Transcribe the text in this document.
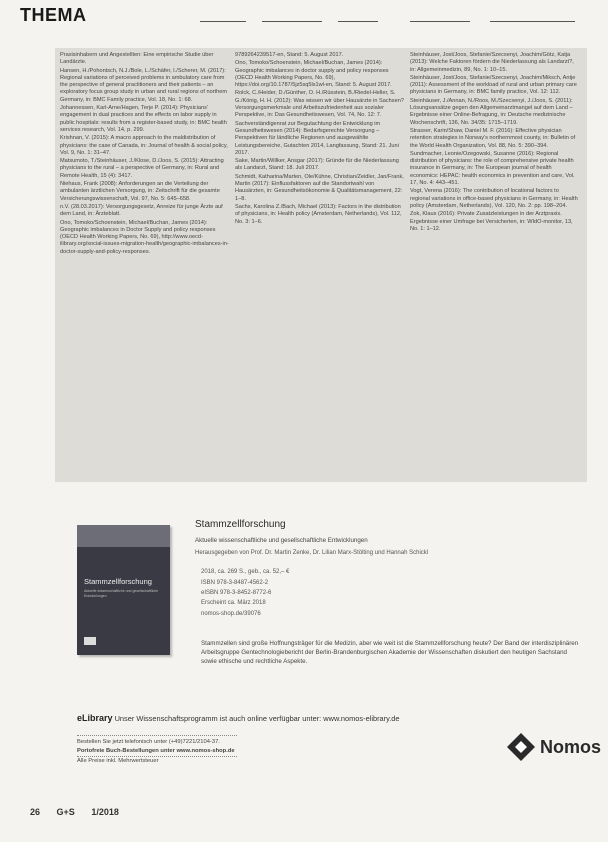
THEMA
Praxisinhabern und Angestellten: Eine empirische Studie über Landärzte.
Hansen, H./Pohontsch, N.J./Bole, L./Schäfer, I./Scherer, M. (2017): Regional variations of perceived problems in ambulatory care from the perspective of general practitioners and their patients – an exploratory focus group study in urban and rural regions of northern Germany, in: BMC Family practice, Vol. 18, No. 1: 68.
Johannessen, Karl-Arne/Hagen, Terje P. (2014): Physicians' engagement in dual practices and the effects on labor supply in public hospitals: results from a register-based study, in: BMC health services research, Vol. 14, p. 299.
Krishnan, V. (2015): A macro approach to the maldistribution of physicians: the case of Canada, in: Journal of health & social policy, Vol. 9, No. 1: 31–47.
Matsumoto, T./Steinhäuser, J./Klose, D./Joos, S. (2015): Attracting physicians to the rural – a perspective of Germany, in: Rural and Remote Health, 15 (4): 3417.
Niehaus, Frank (2008): Anforderungen an die Verteilung der ambulanten ärztlichen Versorgung, in: Zeitschrift für die gesamte Versicherungswissenschaft, Vol. 97, No. 5: 645–658.
n.V. (28.03.2017): Versorgungsgesetz, Anreize für junge Ärzte auf dem Land, in: Ärzteblatt.
Ono, Tomoko/Schoenstein, Michael/Buchan, James (2014): Geographic imbalances in Doctor Supply and policy responses (OECD Health Working Papers, No. 69), http://www.oecd-ilibrary.org/social-issues-migration-health/geographic-imbalances-in-doctor-supply-and-policy-responses.
9789264239517-en, Stand: 5. August 2017.
Ono, Tomoko/Schoenstein, Michael/Buchan, James (2014): Geographic imbalances in doctor supply and policy responses (OECD Health Working Papers, No. 69), https://doi.org/10.1787/5jz5sq5ls1wl-en, Stand: 5. August 2017.
Rolck, C./Heider, D./Günther, O. H./Rüsstein, B./Riedel-Heller, S. G./König, H. H. (2012): Was wissen wir über Hausärzte in Sachsen? Versorgungsmerkmale und Arbeitszufriedenheit aus sozialer Perspektive, in: Das Gesundheitswesen, Vol. 74, No. 12: 7.
Sachverständigenrat zur Begutachtung der Entwicklung im Gesundheitswesen (2014): Bedarfsgerechte Versorgung – Perspektiven für ländliche Regionen und ausgewählte Leistungsbereiche, Gutachten 2014, Langfassung, Stand: 21. Juni 2017.
Sake, Martin/Willker, Ansgar (2017): Gründe für die Niederlassung als Landarzt, Stand: 18. Juli 2017.
Schmidt, Katharina/Marten, Ole/Kühne, Christian/Zeidler, Jan/Frank, Martin (2017): Einflussfaktoren auf die Standortwahl von Hausärzten, in: Gesundheitsökonomie & Qualitätsmanagement, 22: 1–8.
Sachs, Karolina Z./Bach, Michael (2013): Factors in the distribution of physicians, in: Health policy (Amsterdam, Netherlands), Vol. 112, No. 3: 1–6.
Steinhäuser, Jost/Joos, Stefanie/Szecsenyi, Joachim/Götz, Katja (2013): Welche Faktoren fördern die Niederlassung als Landarzt?, in: Allgemeinmedizin, 89, No. 1: 10–15.
Steinhäuser, Jost/Joos, Stefanie/Szecsenyi, Joachim/Miksch, Antje (2011): Assessment of the workload of rural and urban primary care physicians in Germany, in: BMC family practice, Vol. 12: 112.
Steinhäuser, J./Annan, N./Roos, M./Szecsenyi, J./Joos, S. (2011): Lösungsansätze gegen den Allgemeinarztmangel auf dem Land – Ergebnisse einer Online-Befragung, in: Deutsche medizinische Wochenschrift, 136, No. 34/35: 1715–1719.
Strasser, Karin/Shaw, Daniel M. F. (2016): Effective physician retention strategies in Norway's northernmost county, in: Bulletin of the World Health Organization, Vol. 88, No. 5: 390–394.
Sundmacher, Leonie/Ozegowski, Susanne (2016): Regional distribution of physicians: the role of comprehensive private health insurance in Germany, in: The European journal of health economics: HEPAC: health economics in prevention and care, Vol. 17, No. 4: 443–451.
Vogt, Verena (2016): The contribution of locational factors to regional variations in office-based physicians in Germany, in: Health policy (Amsterdam, Netherlands), Vol. 120, No. 2: pp. 198–204.
Zok, Klaus (2016): Private Zusatzleistungen in der Arztpraxis. Ergebnisse einer Umfrage bei Versicherten, in: WIdO-monitor, 13, No. 1: 1–12.
Stammzellforschung
Aktuelle wissenschaftliche und gesellschaftliche Entwicklungen
Stammzellforschung
Aktuelle wissenschaftliche und gesellschaftliche Entwicklungen
Herausgegeben von Prof. Dr. Martin Zenke, Dr. Lilian Marx-Stölting und Hannah Schickl
2018, ca. 269 S., geb., ca. 52,– €
ISBN 978-3-8487-4562-2
eISBN 978-3-8452-8772-6
Erscheint ca. März 2018
nomos-shop.de/39076
Stammzellen sind große Hoffnungsträger für die Medizin, aber wie weit ist die Stammzellforschung heute? Der Band der interdisziplinären Arbeitsgruppe Gentechnologiebericht der Berlin-Brandenburgischen Akademie der Wissenschaften diskutiert den heutigen Sachstand sowie ethische und rechtliche Aspekte.
eLibrary Unser Wissenschaftsprogramm ist auch online verfügbar unter: www.nomos-elibrary.de
Bestellen Sie jetzt telefonisch unter (+49)7221/2104-37.
Portofreie Buch-Bestellungen unter www.nomos-shop.de
Alle Preise inkl. Mehrwertsteuer
Nomos
26 G+S 1/2018
